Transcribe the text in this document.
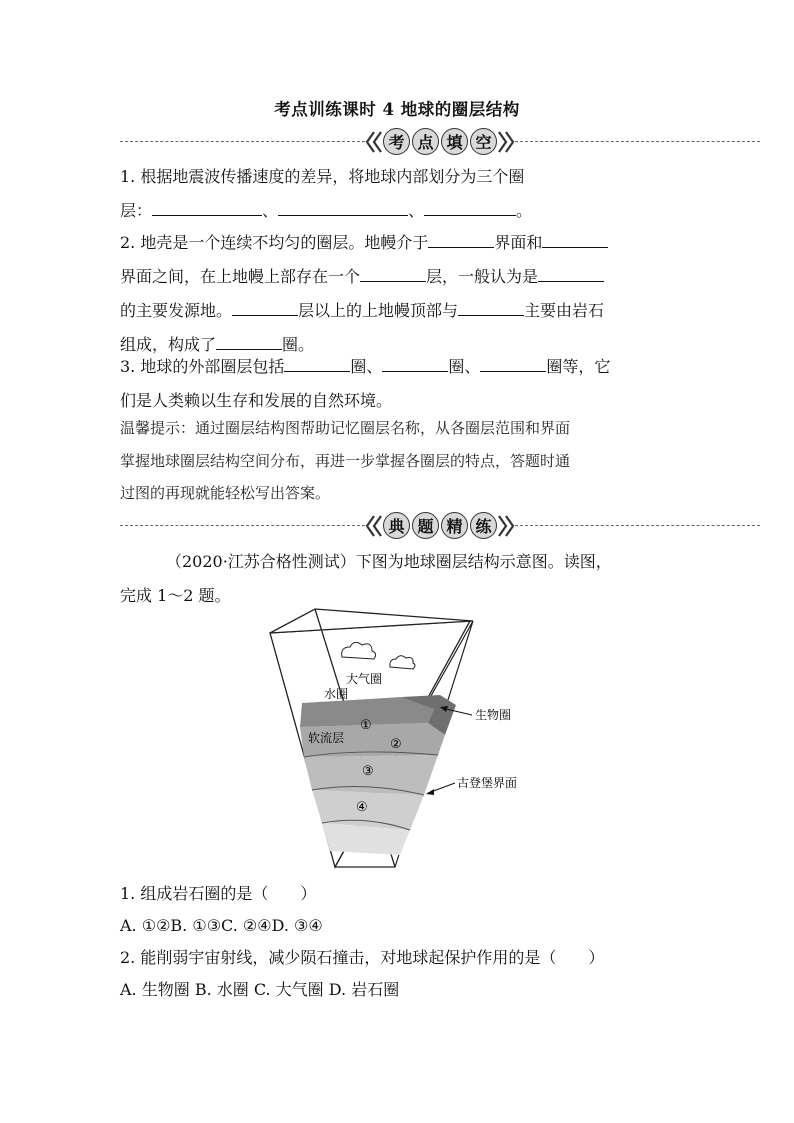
考点训练课时 4 地球的圈层结构
考 点 填 空
1. 根据地震波传播速度的差异，将地球内部划分为三个圈
层：	、	、	。
2. 地壳是一个连续不均匀的圈层。地幔介于	界面和
界面之间，在上地幔上部存在一个	层，一般认为是
的主要发源地。	层以上的上地幔顶部与	主要由岩石
组成，构成了	圈。
3. 地球的外部圈层包括	圈、	圈、	圈等，它
们是人类赖以生存和发展的自然环境。
温馨提示：通过圈层结构图帮助记忆圈层名称，从各圈层范围和界面
掌握地球圈层结构空间分布，再进一步掌握各圈层的特点，答题时通
过图的再现就能轻松写出答案。
典 题 精 练
（2020·江苏合格性测试）下图为地球圈层结构示意图。读图，
完成 1～2 题。
大气圈
水圈
软流层
①
②
③
④
生物圈
古登堡界面
1. 组成岩石圈的是（　　）
A. ①②B. ①③C. ②④D. ③④
2. 能削弱宇宙射线，减少陨石撞击，对地球起保护作用的是（　　）
A. 生物圈 B. 水圈 C. 大气圈 D. 岩石圈
